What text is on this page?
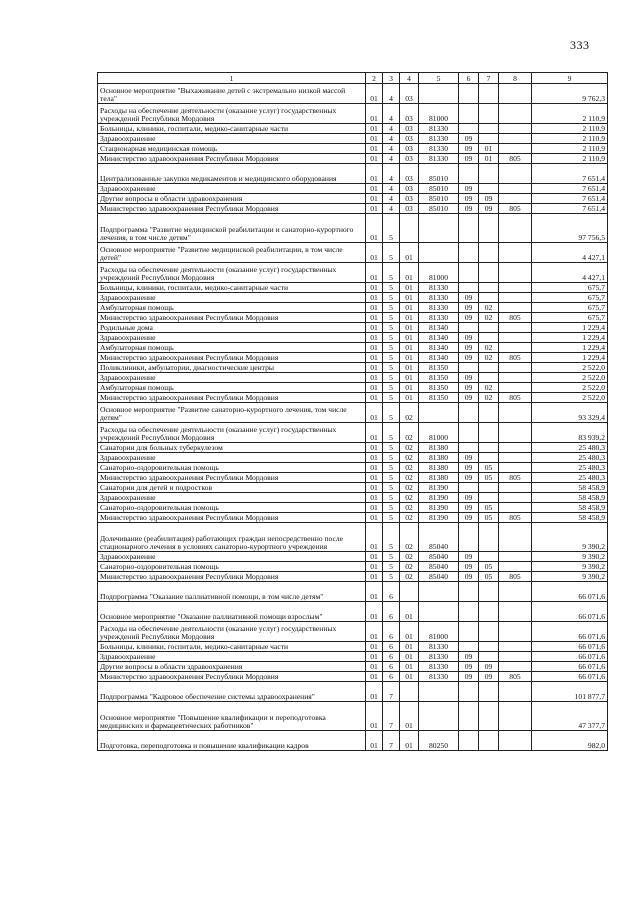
333
1	2	3	4	5	6	7	8	9
Основное мероприятие "Выхаживание детей с экстремально низкой массой тела"	01	4	03					9 762,3
Расходы на обеспечение деятельности (оказание услуг) государственных учреждений Республики Мордовия	01	4	03	81000				2 110,9
Больницы, клиники, госпитали, медико-санитарные части	01	4	03	81330				2 110,9
Здравоохранение	01	4	03	81330	09			2 110,9
Стационарная медицинская помощь	01	4	03	81330	09	01		2 110,9
Министерство здравоохранения Республики Мордовия	01	4	03	81330	09	01	805	2 110,9
Централизованные закупки медикаментов и медицинского оборудования	01	4	03	85010				7 651,4
Здравоохранение	01	4	03	85010	09			7 651,4
Другие вопросы в области здравоохранения	01	4	03	85010	09	09		7 651,4
Министерство здравоохранения Республики Мордовия	01	4	03	85010	09	09	805	7 651,4
Подпрограмма "Развитие медицинской реабилитации и санаторно-курортного лечения, в том числе детям"	01	5						97 756,5
Основное мероприятие "Развитие медицинской реабилитации, в том числе детей"	01	5	01					4 427,1
Расходы на обеспечение деятельности (оказание услуг) государственных учреждений Республики Мордовия	01	5	01	81000				4 427,1
Больницы, клиники, госпитали, медико-санитарные части	01	5	01	81330				675,7
Здравоохранение	01	5	01	81330	09			675,7
Амбулаторная помощь	01	5	01	81330	09	02		675,7
Министерство здравоохранения Республики Мордовия	01	5	01	81330	09	02	805	675,7
Родильные дома	01	5	01	81340				1 229,4
Здравоохранение	01	5	01	81340	09			1 229,4
Амбулаторная помощь	01	5	01	81340	09	02		1 229,4
Министерство здравоохранения Республики Мордовия	01	5	01	81340	09	02	805	1 229,4
Поликлиники, амбулатории, диагностические центры	01	5	01	81350				2 522,0
Здравоохранение	01	5	01	81350	09			2 522,0
Амбулаторная помощь	01	5	01	81350	09	02		2 522,0
Министерство здравоохранения Республики Мордовия	01	5	01	81350	09	02	805	2 522,0
Основное мероприятие "Развитие санаторно-курортного лечения, том числе детям"	01	5	02					93 329,4
Расходы на обеспечение деятельности (оказание услуг) государственных учреждений Республики Мордовия	01	5	02	81000				83 939,2
Санатории для больных туберкулезом	01	5	02	81380				25 480,3
Здравоохранение	01	5	02	81380	09			25 480,3
Санаторно-оздоровительная помощь	01	5	02	81380	09	05		25 480,3
Министерство здравоохранения Республики Мордовия	01	5	02	81380	09	05	805	25 480,3
Санатории для детей и подростков	01	5	02	81390				58 458,9
Здравоохранение	01	5	02	81390	09			58 458,9
Санаторно-оздоровительная помощь	01	5	02	81390	09	05		58 458,9
Министерство здравоохранения Республики Мордовия	01	5	02	81390	09	05	805	58 458,9
Долечивание (реабилитация) работающих граждан непосредственно после стационарного лечения в условиях санаторно-курортного учреждения	01	5	02	85040				9 390,2
Здравоохранение	01	5	02	85040	09			9 390,2
Санаторно-оздоровительная помощь	01	5	02	85040	09	05		9 390,2
Министерство здравоохранения Республики Мордовия	01	5	02	85040	09	05	805	9 390,2
Подпрограмма "Оказание паллиативной помощи, в том числе детям"	01	6						66 071,6
Основное мероприятие "Оказание паллиативной помощи взрослым"	01	6	01					66 071,6
Расходы на обеспечение деятельности (оказание услуг) государственных учреждений Республики Мордовия	01	6	01	81000				66 071,6
Больницы, клиники, госпитали, медико-санитарные части	01	6	01	81330				66 071,6
Здравоохранение	01	6	01	81330	09			66 071,6
Другие вопросы в области здравоохранения	01	6	01	81330	09	09		66 071,6
Министерство здравоохранения Республики Мордовия	01	6	01	81330	09	09	805	66 071,6
Подпрограмма "Кадровое обеспечение системы здравоохранения"	01	7						101 877,7
Основное мероприятие "Повышение квалификации и переподготовка медицинских и фармацевтических работников"	01	7	01					47 377,7
Подготовка, переподготовка и повышение квалификации кадров	01	7	01	80250				982,0
